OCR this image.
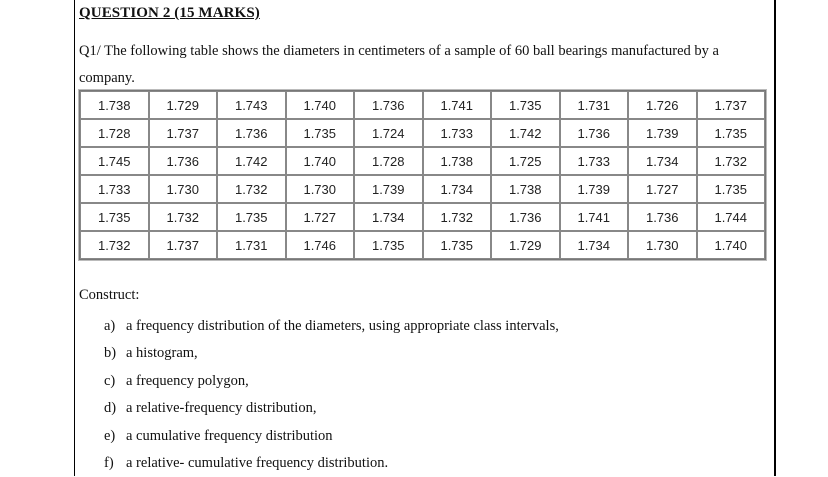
QUESTION 2 (15 MARKS)
Q1/ The following table shows the diameters in centimeters of a sample of 60 ball bearings manufactured by a company.
1.738	1.729	1.743	1.740	1.736	1.741	1.735	1.731	1.726	1.737
1.728	1.737	1.736	1.735	1.724	1.733	1.742	1.736	1.739	1.735
1.745	1.736	1.742	1.740	1.728	1.738	1.725	1.733	1.734	1.732
1.733	1.730	1.732	1.730	1.739	1.734	1.738	1.739	1.727	1.735
1.735	1.732	1.735	1.727	1.734	1.732	1.736	1.741	1.736	1.744
1.732	1.737	1.731	1.746	1.735	1.735	1.729	1.734	1.730	1.740
Construct:
a) a frequency distribution of the diameters, using appropriate class intervals,
b) a histogram,
c) a frequency polygon,
d) a relative-frequency distribution,
e) a cumulative frequency distribution
f) a relative- cumulative frequency distribution.
